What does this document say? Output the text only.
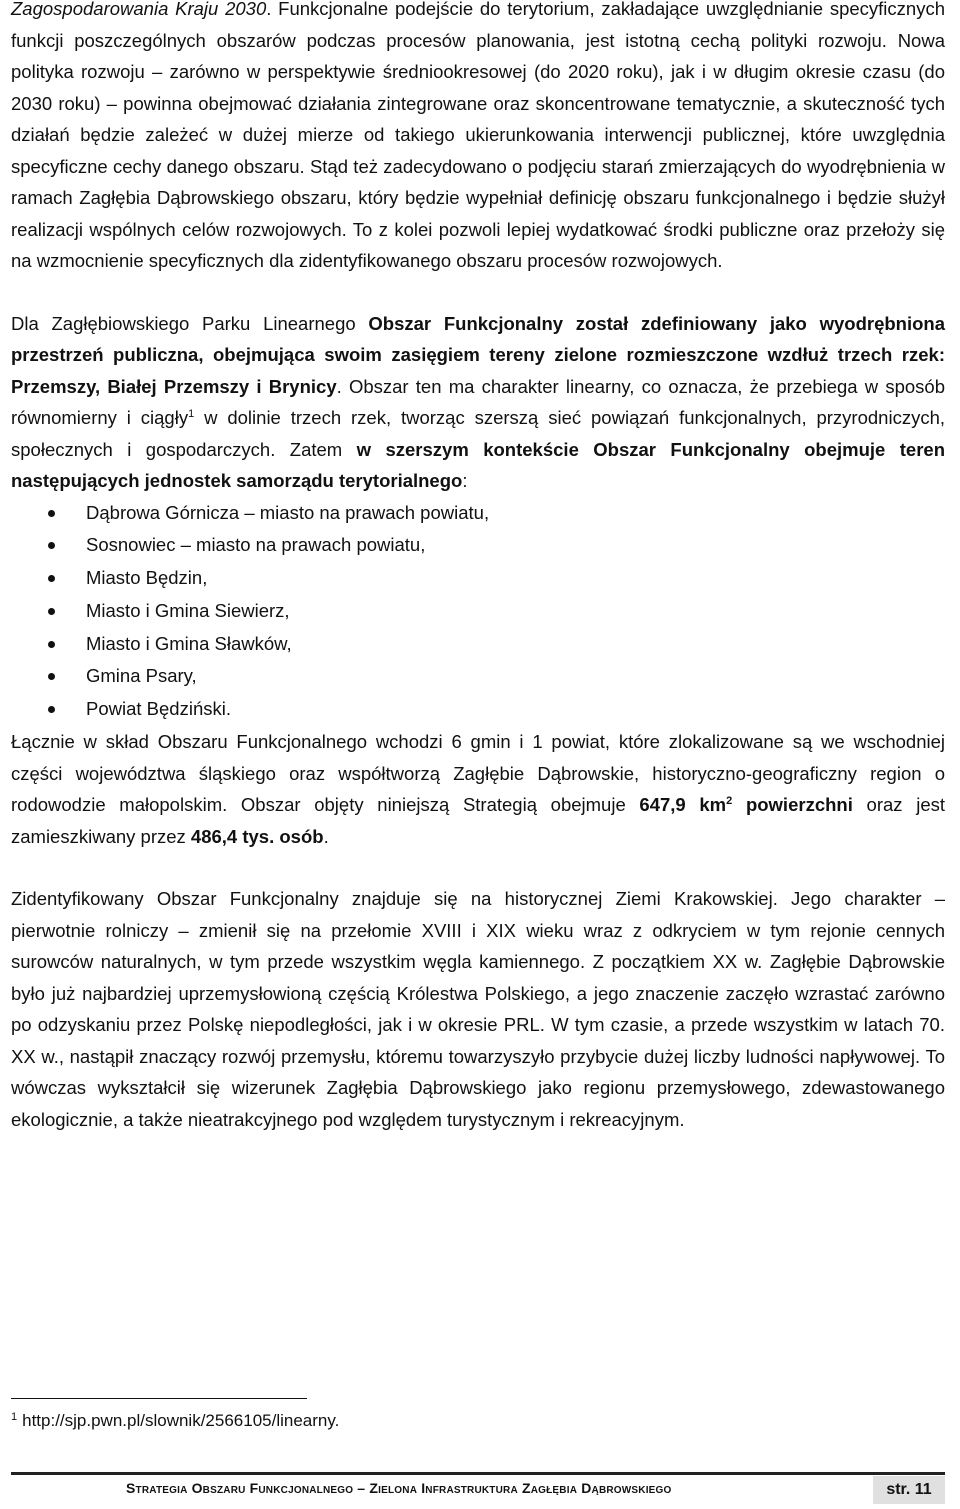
Zagospodarowania Kraju 2030. Funkcjonalne podejście do terytorium, zakładające uwzględnianie specyficznych funkcji poszczególnych obszarów podczas procesów planowania, jest istotną cechą polityki rozwoju. Nowa polityka rozwoju – zarówno w perspektywie średniookresowej (do 2020 roku), jak i w długim okresie czasu (do 2030 roku) – powinna obejmować działania zintegrowane oraz skoncentrowane tematycznie, a skuteczność tych działań będzie zależeć w dużej mierze od takiego ukierunkowania interwencji publicznej, które uwzględnia specyficzne cechy danego obszaru. Stąd też zadecydowano o podjęciu starań zmierzających do wyodrębnienia w ramach Zagłębia Dąbrowskiego obszaru, który będzie wypełniał definicję obszaru funkcjonalnego i będzie służył realizacji wspólnych celów rozwojowych. To z kolei pozwoli lepiej wydatkować środki publiczne oraz przełoży się na wzmocnienie specyficznych dla zidentyfikowanego obszaru procesów rozwojowych.

Dla Zagłębiowskiego Parku Linearnego Obszar Funkcjonalny został zdefiniowany jako wyodrębniona przestrzeń publiczna, obejmująca swoim zasięgiem tereny zielone rozmieszczone wzdłuż trzech rzek: Przemszy, Białej Przemszy i Brynicy. Obszar ten ma charakter linearny, co oznacza, że przebiega w sposób równomierny i ciągły$^1$ w dolinie trzech rzek, tworząc szerszą sieć powiązań funkcjonalnych, przyrodniczych, społecznych i gospodarczych. Zatem w szerszym kontekście Obszar Funkcjonalny obejmuje teren następujących jednostek samorządu terytorialnego:

Dąbrowa Górnicza – miasto na prawach powiatu,
Sosnowiec – miasto na prawach powiatu,
Miasto Będzin,
Miasto i Gmina Siewierz,
Miasto i Gmina Sławków,
Gmina Psary,
Powiat Będziński.

Łącznie w skład Obszaru Funkcjonalnego wchodzi 6 gmin i 1 powiat, które zlokalizowane są we wschodniej części województwa śląskiego oraz współtworzą Zagłębie Dąbrowskie, historyczno-geograficzny region o rodowodzie małopolskim. Obszar objęty niniejszą Strategią obejmuje 647,9 $km^2$ powierzchni oraz jest zamieszkiwany przez 486,4 tys. osób.

Zidentyfikowany Obszar Funkcjonalny znajduje się na historycznej Ziemi Krakowskiej. Jego charakter – pierwotnie rolniczy – zmienił się na przełomie XVIII i XIX wieku wraz z odkryciem w tym rejonie cennych surowców naturalnych, w tym przede wszystkim węgla kamiennego. Z początkiem XX w. Zagłębie Dąbrowskie było już najbardziej uprzemysłowioną częścią Królestwa Polskiego, a jego znaczenie zaczęło wzrastać zarówno po odzyskaniu przez Polskę niepodległości, jak i w okresie PRL. W tym czasie, a przede wszystkim w latach 70. XX w., nastąpił znaczący rozwój przemysłu, któremu towarzyszyło przybycie dużej liczby ludności napływowej. To wówczas wykształcił się wizerunek Zagłębia Dąbrowskiego jako regionu przemysłowego, zdewastowanego ekologicznie, a także nieatrakcyjnego pod względem turystycznym i rekreacyjnym.

$^1$ http://sjp.pwn.pl/slownik/2566105/linearny.
Strategia Obszaru Funkcjonalnego – Zielona Infrastruktura Zagłębia Dąbrowskiego	str. 11
